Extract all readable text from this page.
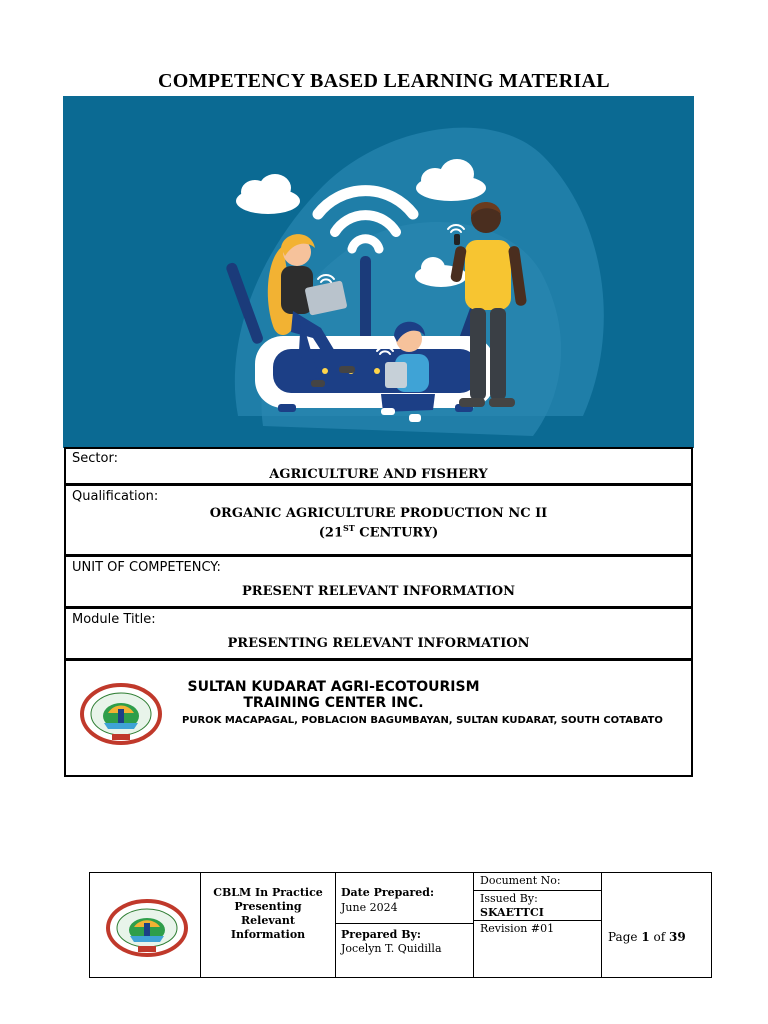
COMPETENCY BASED LEARNING MATERIAL
Sector:
AGRICULTURE AND FISHERY
Qualification:
ORGANIC AGRICULTURE PRODUCTION NC II
(21ST CENTURY)
UNIT OF COMPETENCY:
PRESENT RELEVANT INFORMATION
Module Title:
PRESENTING RELEVANT INFORMATION
SULTAN KUDARAT AGRI-ECOTOURISM
TRAINING CENTER INC.
PUROK MACAPAGAL, POBLACION BAGUMBAYAN, SULTAN KUDARAT, SOUTH COTABATO
CBLM In Practice
Presenting
Relevant
Information
Date Prepared:
June 2024
Prepared By:
Jocelyn T. Quidilla
Document No:
Issued By:
SKAETTCI
Revision #01
Page 1 of 39
